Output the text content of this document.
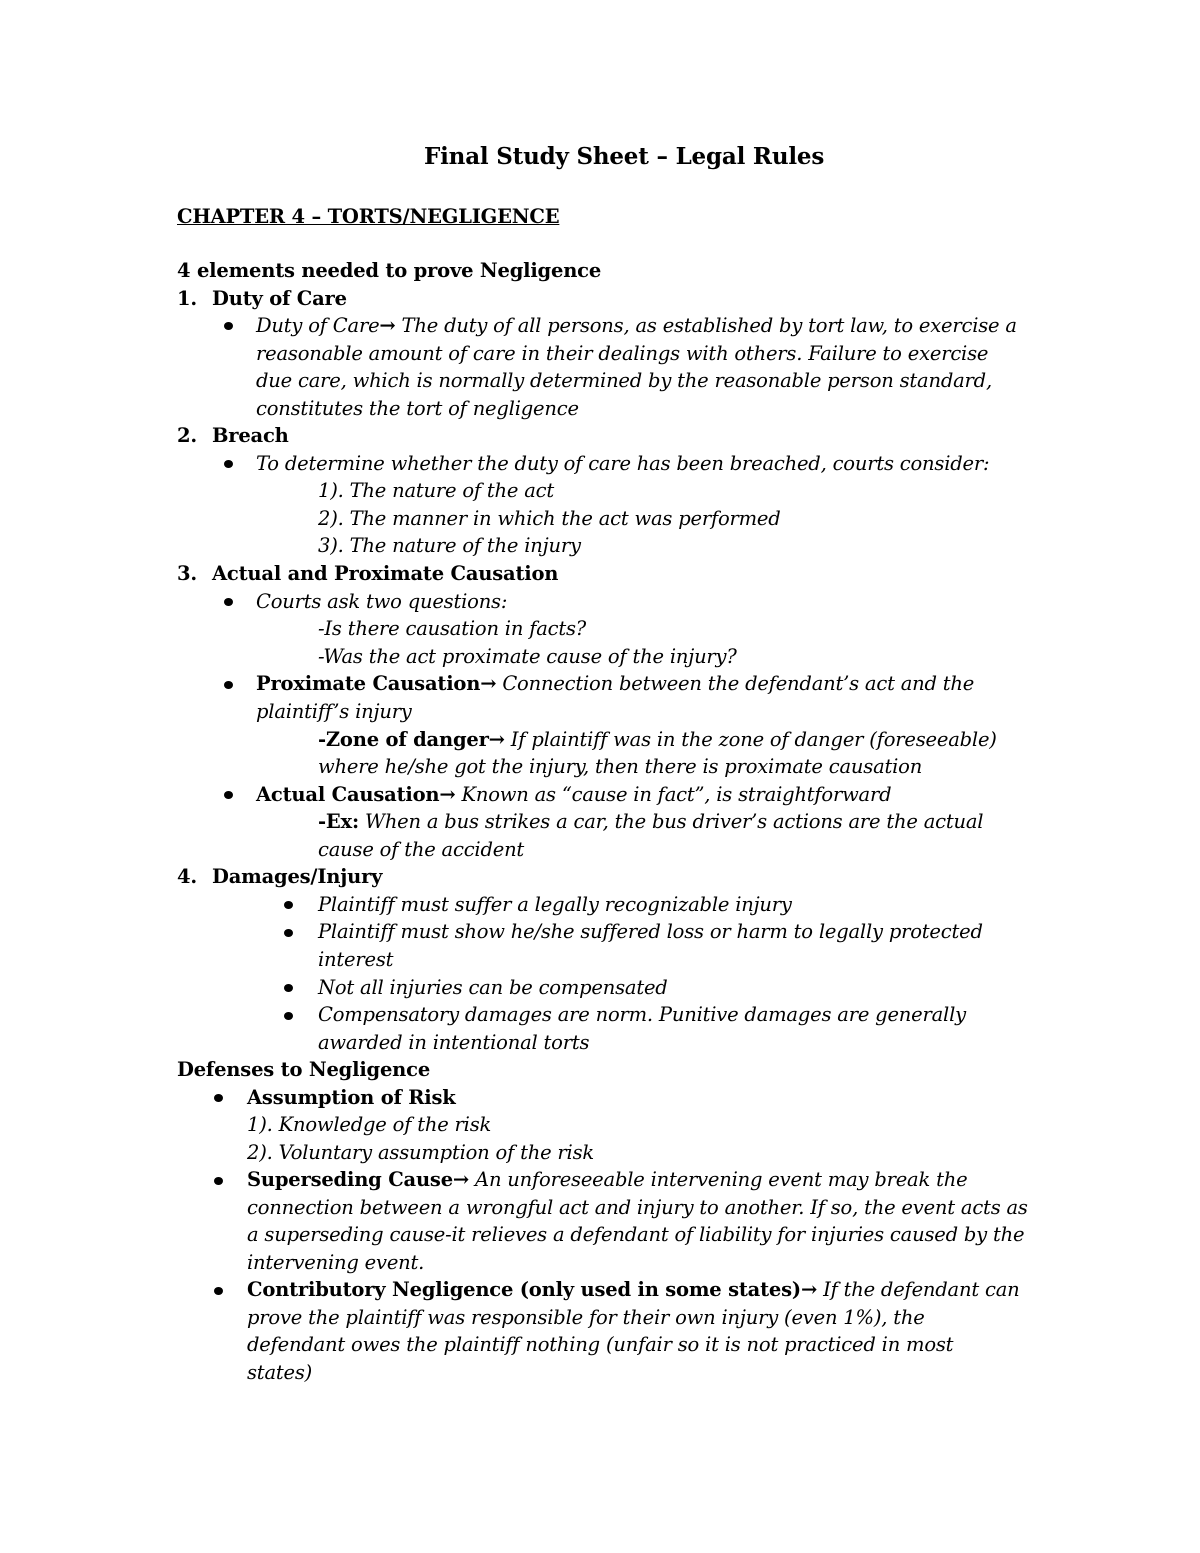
Final Study Sheet – Legal Rules
CHAPTER 4 – TORTS/NEGLIGENCE
4 elements needed to prove Negligence
1. Duty of Care
Duty of Care→ The duty of all persons, as established by tort law, to exercise a
reasonable amount of care in their dealings with others. Failure to exercise
due care, which is normally determined by the reasonable person standard,
constitutes the tort of negligence
2. Breach
To determine whether the duty of care has been breached, courts consider:
1). The nature of the act
2). The manner in which the act was performed
3). The nature of the injury
3. Actual and Proximate Causation
Courts ask two questions:
-Is there causation in facts?
-Was the act proximate cause of the injury?
Proximate Causation→ Connection between the defendant’s act and the
plaintiff’s injury
-Zone of danger→ If plaintiff was in the zone of danger (foreseeable)
where he/she got the injury, then there is proximate causation
Actual Causation→ Known as “cause in fact”, is straightforward
-Ex: When a bus strikes a car, the bus driver’s actions are the actual
cause of the accident
4. Damages/Injury
Plaintiff must suffer a legally recognizable injury
Plaintiff must show he/she suffered loss or harm to legally protected
interest
Not all injuries can be compensated
Compensatory damages are norm. Punitive damages are generally
awarded in intentional torts
Defenses to Negligence
Assumption of Risk
1). Knowledge of the risk
2). Voluntary assumption of the risk
Superseding Cause→ An unforeseeable intervening event may break the
connection between a wrongful act and injury to another. If so, the event acts as
a superseding cause-it relieves a defendant of liability for injuries caused by the
intervening event.
Contributory Negligence (only used in some states)→ If the defendant can
prove the plaintiff was responsible for their own injury (even 1%), the
defendant owes the plaintiff nothing (unfair so it is not practiced in most
states)
